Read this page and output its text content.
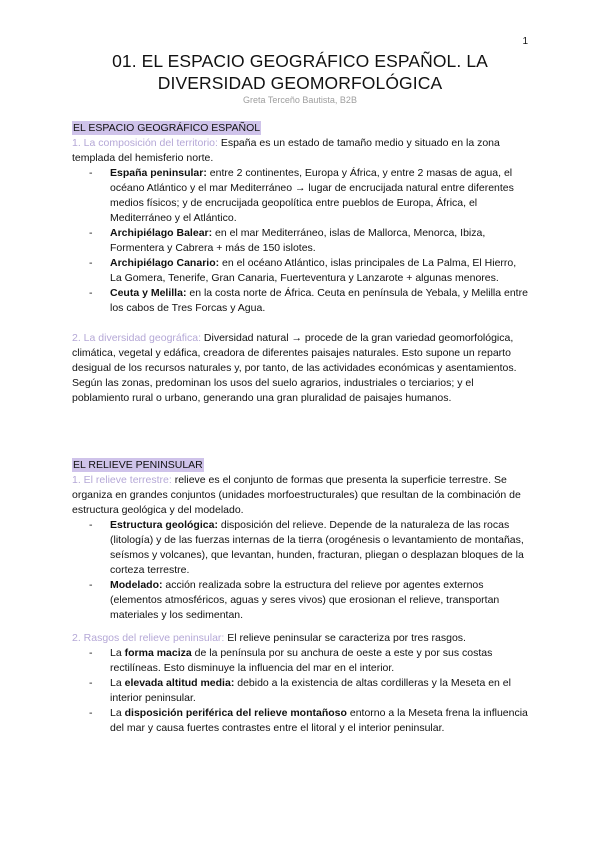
1
01. EL ESPACIO GEOGRÁFICO ESPAÑOL. LA DIVERSIDAD GEOMORFOLÓGICA
Greta Terceño Bautista, B2B
EL ESPACIO GEOGRÁFICO ESPAÑOL

1. La composición del territorio: España es un estado de tamaño medio y situado en la zona templada del hemisferio norte.

- España peninsular: entre 2 continentes, Europa y África, y entre 2 masas de agua, el océano Atlántico y el mar Mediterráneo → lugar de encrucijada natural entre diferentes medios físicos; y de encrucijada geopolítica entre pueblos de Europa, África, el Mediterráneo y el Atlántico.
- Archipiélago Balear: en el mar Mediterráneo, islas de Mallorca, Menorca, Ibiza, Formentera y Cabrera + más de 150 islotes.
- Archipiélago Canario: en el océano Atlántico, islas principales de La Palma, El Hierro, La Gomera, Tenerife, Gran Canaria, Fuerteventura y Lanzarote + algunas menores.
- Ceuta y Melilla: en la costa norte de África. Ceuta en península de Yebala, y Melilla entre los cabos de Tres Forcas y Agua.

2. La diversidad geográfica: Diversidad natural → procede de la gran variedad geomorfológica, climática, vegetal y edáfica, creadora de diferentes paisajes naturales. Esto supone un reparto desigual de los recursos naturales y, por tanto, de las actividades económicas y asentamientos. Según las zonas, predominan los usos del suelo agrarios, industriales o terciarios; y el poblamiento rural o urbano, generando una gran pluralidad de paisajes humanos.

EL RELIEVE PENINSULAR

1. El relieve terrestre: relieve es el conjunto de formas que presenta la superficie terrestre. Se organiza en grandes conjuntos (unidades morfoestructurales) que resultan de la combinación de estructura geológica y del modelado.

- Estructura geológica: disposición del relieve. Depende de la naturaleza de las rocas (litología) y de las fuerzas internas de la tierra (orogénesis o levantamiento de montañas, seísmos y volcanes), que levantan, hunden, fracturan, pliegan o desplazan bloques de la corteza terrestre.
- Modelado: acción realizada sobre la estructura del relieve por agentes externos (elementos atmosféricos, aguas y seres vivos) que erosionan el relieve, transportan materiales y los sedimentan.

2. Rasgos del relieve peninsular: El relieve peninsular se caracteriza por tres rasgos.

- La forma maciza de la península por su anchura de oeste a este y por sus costas rectilíneas. Esto disminuye la influencia del mar en el interior.
- La elevada altitud media: debido a la existencia de altas cordilleras y la Meseta en el interior peninsular.
- La disposición periférica del relieve montañoso entorno a la Meseta frena la influencia del mar y causa fuertes contrastes entre el litoral y el interior peninsular.
